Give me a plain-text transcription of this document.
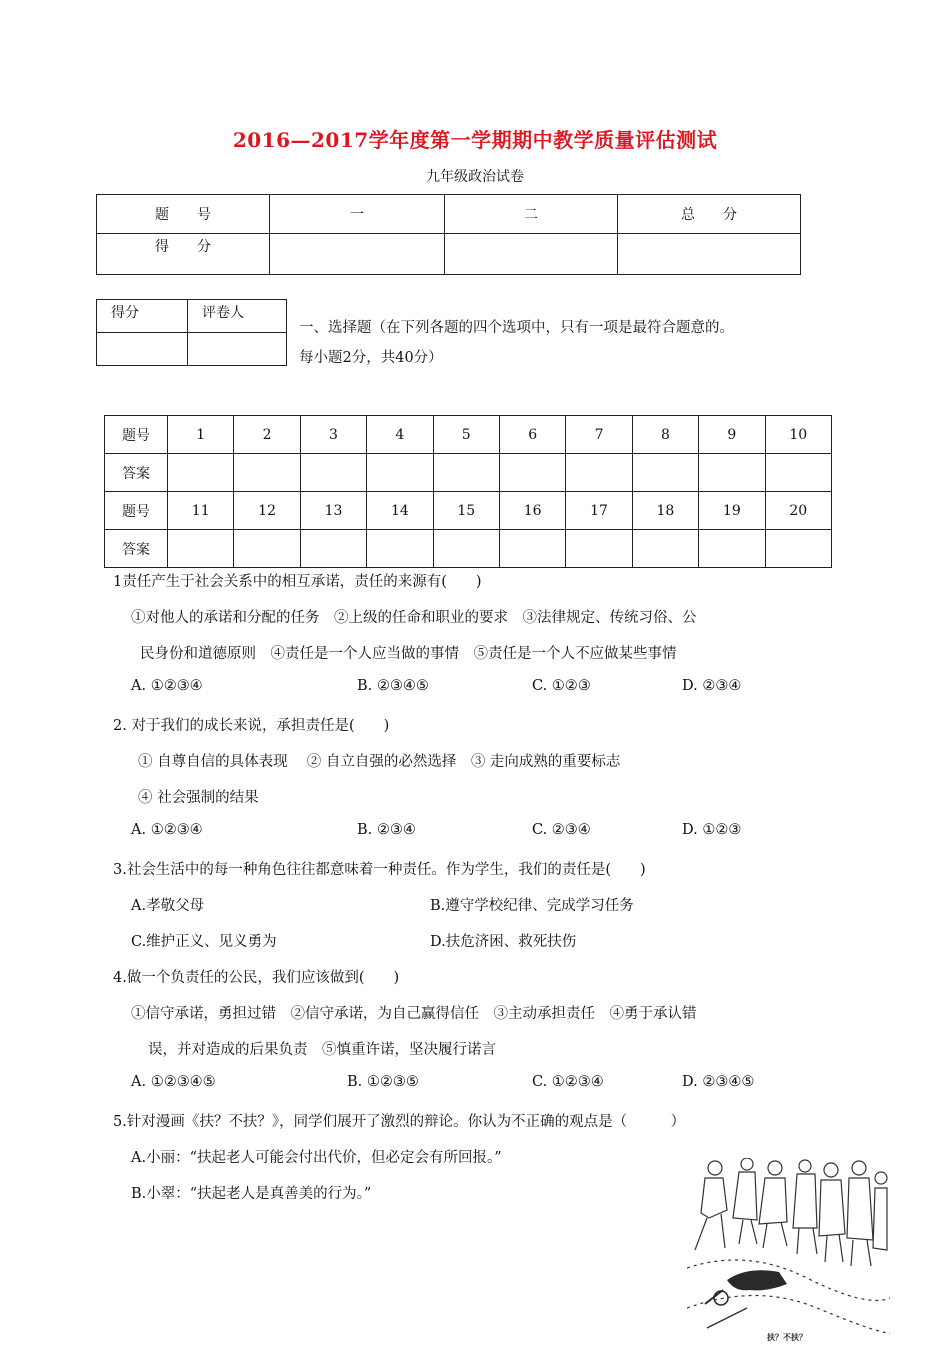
2016—2017学年度第一学期期中教学质量评估测试
九年级政治试卷
题　　号	一	二	总　　分
得　　分			
得分	评卷人

一、选择题（在下列各题的四个选项中，只有一项是最符合题意的。
每小题2分，共40分）
题号	1	2	3	4	5	6	7	8	9	10
答案										
题号	11	12	13	14	15	16	17	18	19	20
答案										
1责任产生于社会关系中的相互承诺，责任的来源有(　　)
①对他人的承诺和分配的任务　②上级的任命和职业的要求　③法律规定、传统习俗、公
民身份和道德原则　④责任是一个人应当做的事情　⑤责任是一个人不应做某些事情
A. ①②③④	B. ②③④⑤	C. ①②③	D. ②③④
2. 对于我们的成长来说，承担责任是(　　)
① 自尊自信的具体表现　 ② 自立自强的必然选择　③ 走向成熟的重要标志
④ 社会强制的结果
A. ①②③④	B. ②③④	C. ②③④	D. ①②③
3.社会生活中的每一种角色往往都意味着一种责任。作为学生，我们的责任是(　　)
A.孝敬父母	B.遵守学校纪律、完成学习任务
C.维护正义、见义勇为	D.扶危济困、救死扶伤
4.做一个负责任的公民，我们应该做到(　　)
①信守承诺，勇担过错　②信守承诺，为自己赢得信任　③主动承担责任　④勇于承认错
误，并对造成的后果负责　⑤慎重许诺，坚决履行诺言
A. ①②③④⑤	B. ①②③⑤	C. ①②③④	D. ②③④⑤
5.针对漫画《扶？不扶？》，同学们展开了激烈的辩论。你认为不正确的观点是（　　　）
A.小丽：“扶起老人可能会付出代价，但必定会有所回报。”
B.小翠：“扶起老人是真善美的行为。”
扶？不扶？
